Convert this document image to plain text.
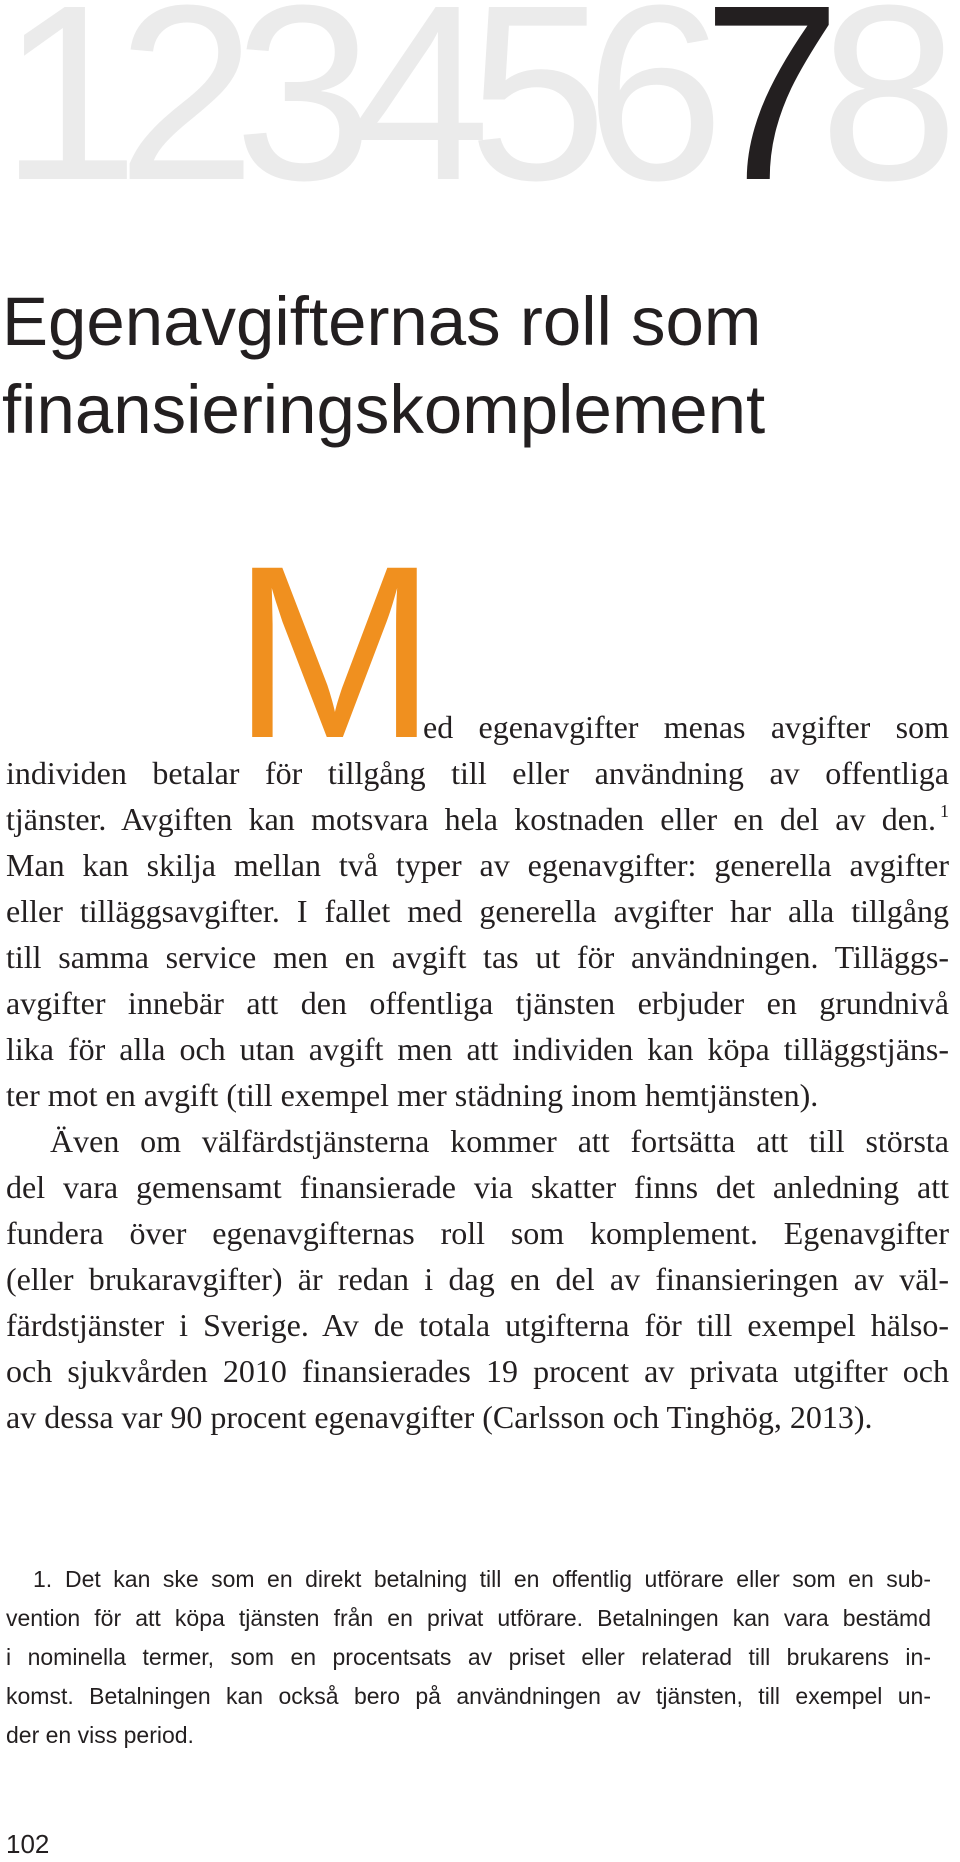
12345678
Egenavgifternas roll som finansieringskomplement
M
ed egenavgifter menas avgifter som
individen betalar för tillgång till eller användning av offentliga
tjänster. Avgiften kan motsvara hela kostnaden eller en del av den. $^1$
Man kan skilja mellan två typer av egenavgifter: generella avgifter
eller tilläggsavgifter. I fallet med generella avgifter har alla tillgång
till samma service men en avgift tas ut för användningen. Tilläggs-
avgifter innebär att den offentliga tjänsten erbjuder en grundnivå
lika för alla och utan avgift men att individen kan köpa tilläggstjäns-
ter mot en avgift (till exempel mer städning inom hemtjänsten).
Även om välfärdstjänsterna kommer att fortsätta att till största
del vara gemensamt finansierade via skatter finns det anledning att
fundera över egenavgifternas roll som komplement. Egenavgifter
(eller brukaravgifter) är redan i dag en del av finansieringen av väl-
färdstjänster i Sverige. Av de totala utgifterna för till exempel hälso-
och sjukvården 2010 finansierades 19 procent av privata utgifter och
av dessa var 90 procent egenavgifter (Carlsson och Tinghög, 2013).
1. Det kan ske som en direkt betalning till en offentlig utförare eller som en sub-
vention för att köpa tjänsten från en privat utförare. Betalningen kan vara bestämd
i nominella termer, som en procentsats av priset eller relaterad till brukarens in-
komst. Betalningen kan också bero på användningen av tjänsten, till exempel un-
der en viss period.
102
